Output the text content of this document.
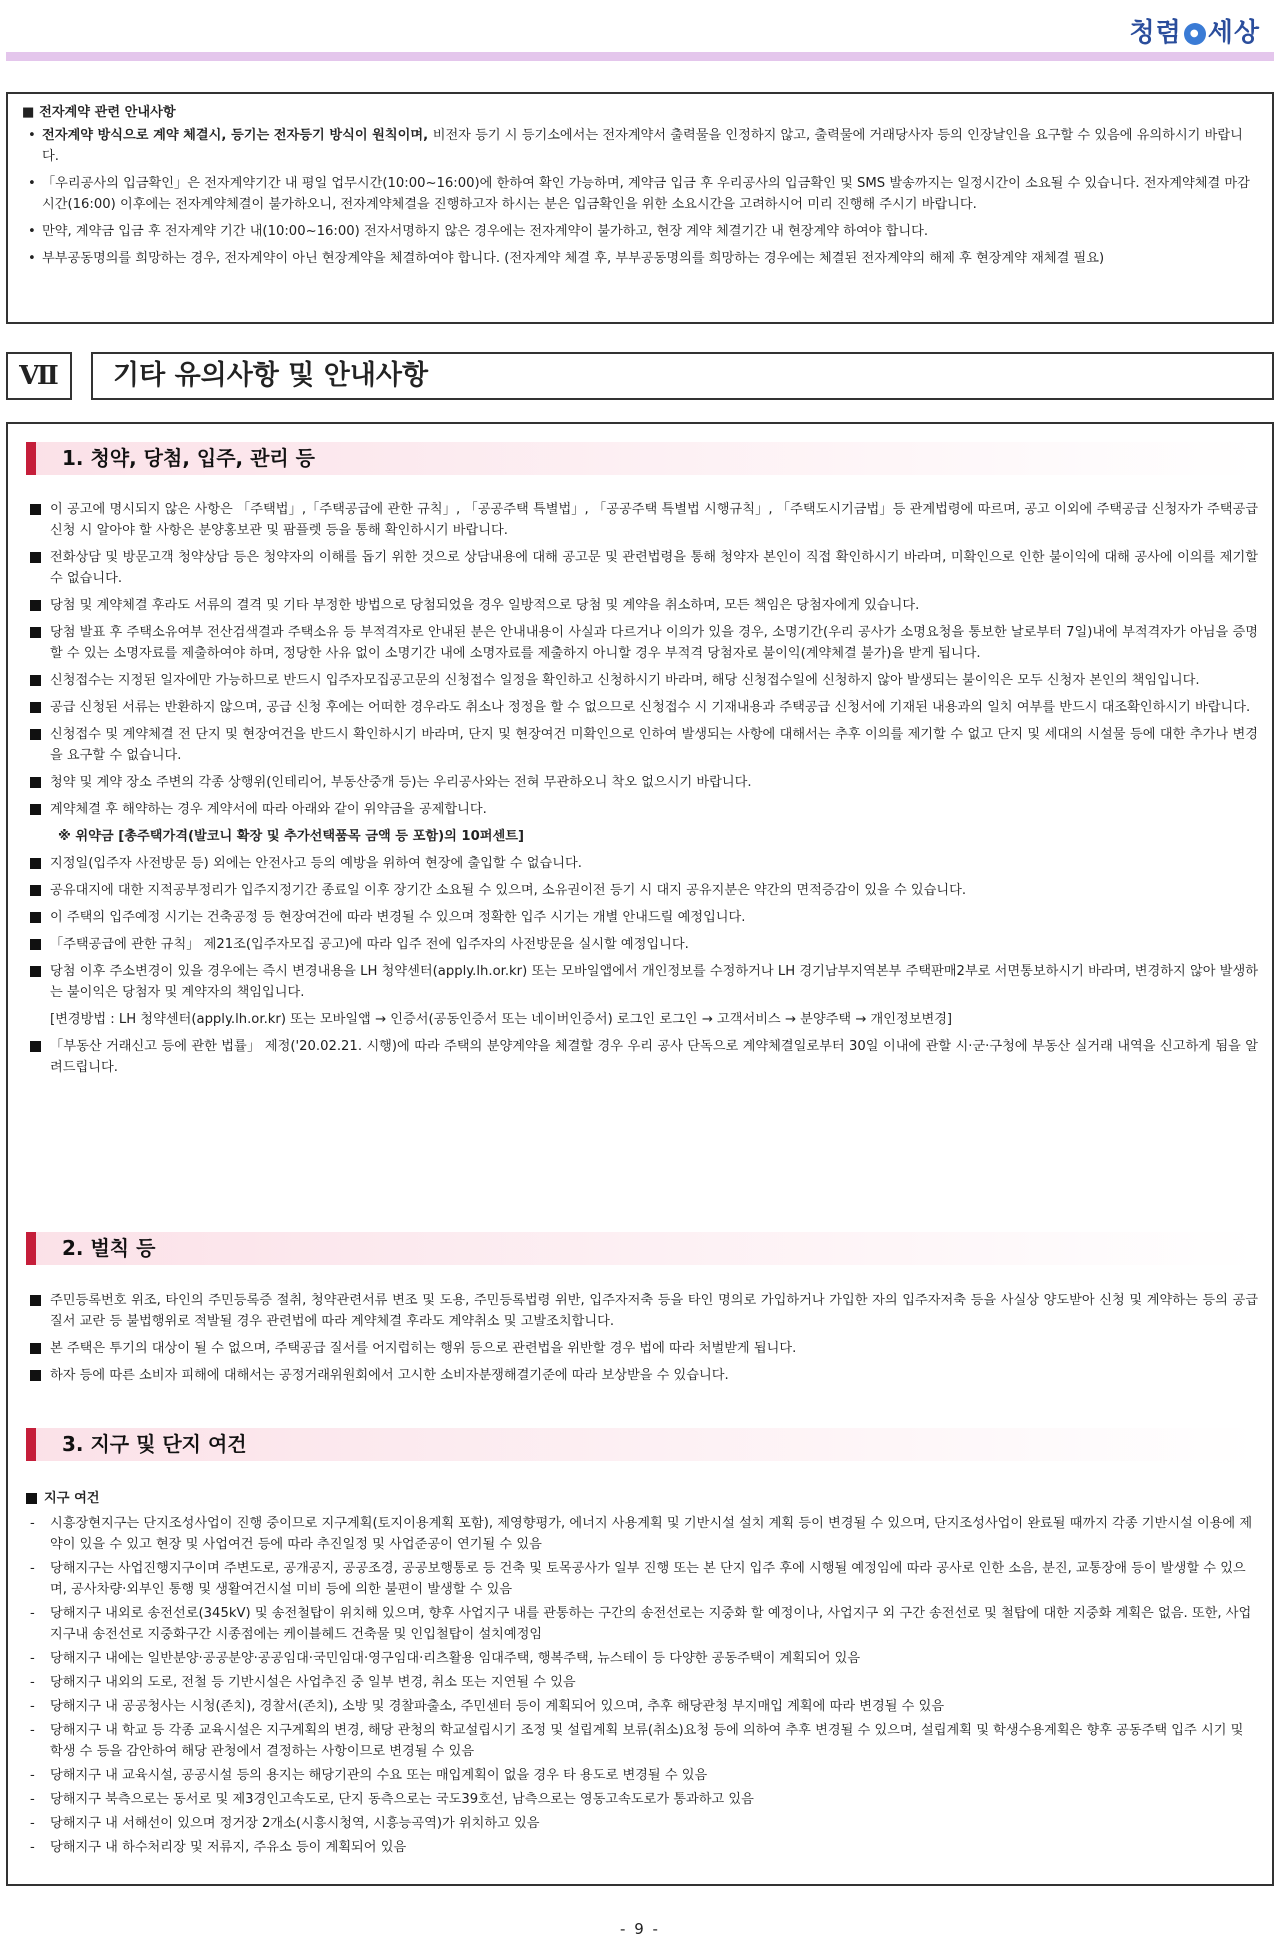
청렴 ● 세상
■ 전자계약 관련 안내사항
• 전자계약 방식으로 계약 체결시, 등기는 전자등기 방식이 원칙이며, 비전자 등기 시 등기소에서는 전자계약서 출력물을 인정하지 않고, 출력물에 거래당사자 등의 인장날인을 요구할 수 있음에 유의하시기 바랍니다.
• 「우리공사의 입금확인」은 전자계약기간 내 평일 업무시간(10:00~16:00)에 한하여 확인 가능하며, 계약금 입금 후 우리공사의 입금확인 및 SMS 발송까지는 일정시간이 소요될 수 있습니다. 전자계약체결 마감시간(16:00) 이후에는 전자계약체결이 불가하오니, 전자계약체결을 진행하고자 하시는 분은 입금확인을 위한 소요시간을 고려하시어 미리 진행해 주시기 바랍니다.
• 만약, 계약금 입금 후 전자계약 기간 내(10:00~16:00) 전자서명하지 않은 경우에는 전자계약이 불가하고, 현장 계약 체결기간 내 현장계약 하여야 합니다.
• 부부공동명의를 희망하는 경우, 전자계약이 아닌 현장계약을 체결하여야 합니다. (전자계약 체결 후, 부부공동명의를 희망하는 경우에는 체결된 전자계약의 해제 후 현장계약 재체결 필요)
Ⅶ	기타 유의사항 및 안내사항
1. 청약, 당첨, 입주, 관리 등
이 공고에 명시되지 않은 사항은 「주택법」,「주택공급에 관한 규칙」, 「공공주택 특별법」, 「공공주택 특별법 시행규칙」, 「주택도시기금법」등 관계법령에 따르며, 공고 이외에 주택공급 신청자가 주택공급 신청 시 알아야 할 사항은 분양홍보관 및 팜플렛 등을 통해 확인하시기 바랍니다.
전화상담 및 방문고객 청약상담 등은 청약자의 이해를 돕기 위한 것으로 상담내용에 대해 공고문 및 관련법령을 통해 청약자 본인이 직접 확인하시기 바라며, 미확인으로 인한 불이익에 대해 공사에 이의를 제기할 수 없습니다.
당첨 및 계약체결 후라도 서류의 결격 및 기타 부정한 방법으로 당첨되었을 경우 일방적으로 당첨 및 계약을 취소하며, 모든 책임은 당첨자에게 있습니다.
당첨 발표 후 주택소유여부 전산검색결과 주택소유 등 부적격자로 안내된 분은 안내내용이 사실과 다르거나 이의가 있을 경우, 소명기간(우리 공사가 소명요청을 통보한 날로부터 7일)내에 부적격자가 아님을 증명할 수 있는 소명자료를 제출하여야 하며, 정당한 사유 없이 소명기간 내에 소명자료를 제출하지 아니할 경우 부적격 당첨자로 불이익(계약체결 불가)을 받게 됩니다.
신청접수는 지정된 일자에만 가능하므로 반드시 입주자모집공고문의 신청접수 일정을 확인하고 신청하시기 바라며, 해당 신청접수일에 신청하지 않아 발생되는 불이익은 모두 신청자 본인의 책임입니다.
공급 신청된 서류는 반환하지 않으며, 공급 신청 후에는 어떠한 경우라도 취소나 정정을 할 수 없으므로 신청접수 시 기재내용과 주택공급 신청서에 기재된 내용과의 일치 여부를 반드시 대조확인하시기 바랍니다.
신청접수 및 계약체결 전 단지 및 현장여건을 반드시 확인하시기 바라며, 단지 및 현장여건 미확인으로 인하여 발생되는 사항에 대해서는 추후 이의를 제기할 수 없고 단지 및 세대의 시설물 등에 대한 추가나 변경을 요구할 수 없습니다.
청약 및 계약 장소 주변의 각종 상행위(인테리어, 부동산중개 등)는 우리공사와는 전혀 무관하오니 착오 없으시기 바랍니다.
계약체결 후 해약하는 경우 계약서에 따라 아래와 같이 위약금을 공제합니다.
※ 위약금 [총주택가격(발코니 확장 및 추가선택품목 금액 등 포함)의 10퍼센트]
지정일(입주자 사전방문 등) 외에는 안전사고 등의 예방을 위하여 현장에 출입할 수 없습니다.
공유대지에 대한 지적공부정리가 입주지정기간 종료일 이후 장기간 소요될 수 있으며, 소유권이전 등기 시 대지 공유지분은 약간의 면적증감이 있을 수 있습니다.
이 주택의 입주예정 시기는 건축공정 등 현장여건에 따라 변경될 수 있으며 정확한 입주 시기는 개별 안내드릴 예정입니다.
「주택공급에 관한 규칙」 제21조(입주자모집 공고)에 따라 입주 전에 입주자의 사전방문을 실시할 예정입니다.
당첨 이후 주소변경이 있을 경우에는 즉시 변경내용을 LH 청약센터(apply.lh.or.kr) 또는 모바일앱에서 개인정보를 수정하거나 LH 경기남부지역본부 주택판매2부로 서면통보하시기 바라며, 변경하지 않아 발생하는 불이익은 당첨자 및 계약자의 책임입니다.
[변경방법 : LH 청약센터(apply.lh.or.kr) 또는 모바일앱 → 인증서(공동인증서 또는 네이버인증서) 로그인 로그인 → 고객서비스 → 분양주택 → 개인정보변경]
「부동산 거래신고 등에 관한 법률」 제정('20.02.21. 시행)에 따라 주택의 분양계약을 체결할 경우 우리 공사 단독으로 계약체결일로부터 30일 이내에 관할 시·군·구청에 부동산 실거래 내역을 신고하게 됨을 알려드립니다.
2. 벌칙 등
주민등록번호 위조, 타인의 주민등록증 절취, 청약관련서류 변조 및 도용, 주민등록법령 위반, 입주자저축 등을 타인 명의로 가입하거나 가입한 자의 입주자저축 등을 사실상 양도받아 신청 및 계약하는 등의 공급질서 교란 등 불법행위로 적발될 경우 관련법에 따라 계약체결 후라도 계약취소 및 고발조치합니다.
본 주택은 투기의 대상이 될 수 없으며, 주택공급 질서를 어지럽히는 행위 등으로 관련법을 위반할 경우 법에 따라 처벌받게 됩니다.
하자 등에 따른 소비자 피해에 대해서는 공정거래위원회에서 고시한 소비자분쟁해결기준에 따라 보상받을 수 있습니다.
3. 지구 및 단지 여건
지구 여건
- 시흥장현지구는 단지조성사업이 진행 중이므로 지구계획(토지이용계획 포함), 제영향평가, 에너지 사용계획 및 기반시설 설치 계획 등이 변경될 수 있으며, 단지조성사업이 완료될 때까지 각종 기반시설 이용에 제약이 있을 수 있고 현장 및 사업여건 등에 따라 추진일정 및 사업준공이 연기될 수 있음
- 당해지구는 사업진행지구이며 주변도로, 공개공지, 공공조경, 공공보행통로 등 건축 및 토목공사가 일부 진행 또는 본 단지 입주 후에 시행될 예정임에 따라 공사로 인한 소음, 분진, 교통장애 등이 발생할 수 있으며, 공사차량·외부인 통행 및 생활여건시설 미비 등에 의한 불편이 발생할 수 있음
- 당해지구 내외로 송전선로(345kV) 및 송전철탑이 위치해 있으며, 향후 사업지구 내를 관통하는 구간의 송전선로는 지중화 할 예정이나, 사업지구 외 구간 송전선로 및 철탑에 대한 지중화 계획은 없음. 또한, 사업지구내 송전선로 지중화구간 시종점에는 케이블헤드 건축물 및 인입철탑이 설치예정임
- 당해지구 내에는 일반분양·공공분양·공공임대·국민임대·영구임대·리츠활용 임대주택, 행복주택, 뉴스테이 등 다양한 공동주택이 계획되어 있음
- 당해지구 내외의 도로, 전철 등 기반시설은 사업추진 중 일부 변경, 취소 또는 지연될 수 있음
- 당해지구 내 공공청사는 시청(존치), 경찰서(존치), 소방 및 경찰파출소, 주민센터 등이 계획되어 있으며, 추후 해당관청 부지매입 계획에 따라 변경될 수 있음
- 당해지구 내 학교 등 각종 교육시설은 지구계획의 변경, 해당 관청의 학교설립시기 조정 및 설립계획 보류(취소)요청 등에 의하여 추후 변경될 수 있으며, 설립계획 및 학생수용계획은 향후 공동주택 입주 시기 및 학생 수 등을 감안하여 해당 관청에서 결정하는 사항이므로 변경될 수 있음
- 당해지구 내 교육시설, 공공시설 등의 용지는 해당기관의 수요 또는 매입계획이 없을 경우 타 용도로 변경될 수 있음
- 당해지구 북측으로는 동서로 및 제3경인고속도로, 단지 동측으로는 국도39호선, 남측으로는 영동고속도로가 통과하고 있음
- 당해지구 내 서해선이 있으며 정거장 2개소(시흥시청역, 시흥능곡역)가 위치하고 있음
- 당해지구 내 하수처리장 및 저류지, 주유소 등이 계획되어 있음
- 9 -
